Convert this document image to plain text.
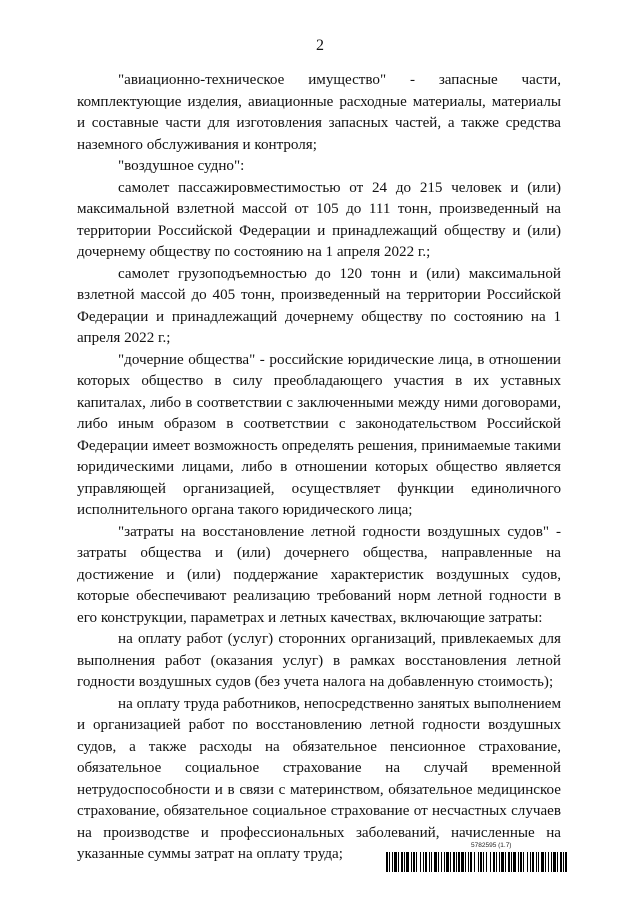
2

"авиационно-техническое имущество" - запасные части, комплектующие изделия, авиационные расходные материалы, материалы и составные части для изготовления запасных частей, а также средства наземного обслуживания и контроля;

"воздушное судно":

самолет пассажировместимостью от 24 до 215 человек и (или) максимальной взлетной массой от 105 до 111 тонн, произведенный на территории Российской Федерации и принадлежащий обществу и (или) дочернему обществу по состоянию на 1 апреля 2022 г.;

самолет грузоподъемностью до 120 тонн и (или) максимальной взлетной массой до 405 тонн, произведенный на территории Российской Федерации и принадлежащий дочернему обществу по состоянию на 1 апреля 2022 г.;

"дочерние общества" - российские юридические лица, в отношении которых общество в силу преобладающего участия в их уставных капиталах, либо в соответствии с заключенными между ними договорами, либо иным образом в соответствии с законодательством Российской Федерации имеет возможность определять решения, принимаемые такими юридическими лицами, либо в отношении которых общество является управляющей организацией, осуществляет функции единоличного исполнительного органа такого юридического лица;

"затраты на восстановление летной годности воздушных судов" - затраты общества и (или) дочернего общества, направленные на достижение и (или) поддержание характеристик воздушных судов, которые обеспечивают реализацию требований норм летной годности в его конструкции, параметрах и летных качествах, включающие затраты:

на оплату работ (услуг) сторонних организаций, привлекаемых для выполнения работ (оказания услуг) в рамках восстановления летной годности воздушных судов (без учета налога на добавленную стоимость);

на оплату труда работников, непосредственно занятых выполнением и организацией работ по восстановлению летной годности воздушных судов, а также расходы на обязательное пенсионное страхование, обязательное социальное страхование на случай временной нетрудоспособности и в связи с материнством, обязательное медицинское страхование, обязательное социальное страхование от несчастных случаев на производстве и профессиональных заболеваний, начисленные на указанные суммы затрат на оплату труда;

5782595 (1.7)
